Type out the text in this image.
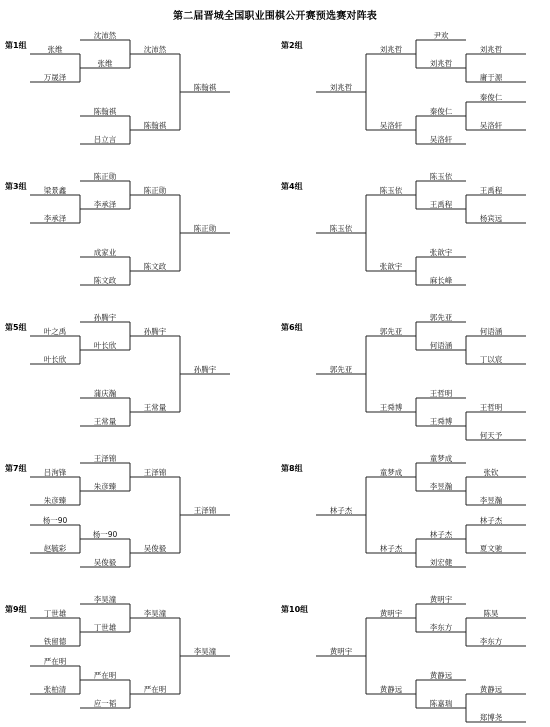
第二届晋城全国职业围棋公开赛预选赛对阵表
第1组	张维
万晟泽
沈沛然
张维
陈翰祺
吕立言
沈沛然
陈翰祺
陈翰祺
第2组
刘兆哲
刘兆哲
吴洛轩
尹欢
刘兆哲
秦俊仁
吴洛轩
刘兆哲
庸于源
秦俊仁
吴洛轩
第3组 梁景鑫
李承泽
陈正勋
李承泽
成家业
陈文政
陈正勋
陈文政
陈正勋
第4组
陈玉依
陈玉依
张歆宇
陈玉依
王禹程
张歆宇
麻长峰
王禹程
杨宾远
第5组 叶之禹
叶长欣
孙腾宇
叶长欣
蒲庆瀚
王常量
孙腾宇
王常量
孙腾宇
第6组
郭先亚
郭先亚
王舜博
郭先亚
何语涵
王哲明
王舜博
何语涵
丁以宸
王哲明
何天予
第7组 吕洵锋
朱彦臻
杨一90
赵毓彩
王泽锦
朱彦臻
杨一90
吴俊毅
王泽锦
吴俊毅
王泽锦
第8组
林子杰
童梦成
林子杰
童梦成
李昱瀚
林子杰
刘宏健
张钦
李昱瀚
林子杰
夏文驰
第9组 丁世雄
铁留德
严在明
张柏清
李昊潼
丁世雄
严在明
应一韬
李昊潼
严在明
李昊潼
第10组
黄明宇
黄明宇
黄静远
黄明宇
李东方
黄静远
陈嘉瑞
陈昊
李东方
黄静远
郑博尧
